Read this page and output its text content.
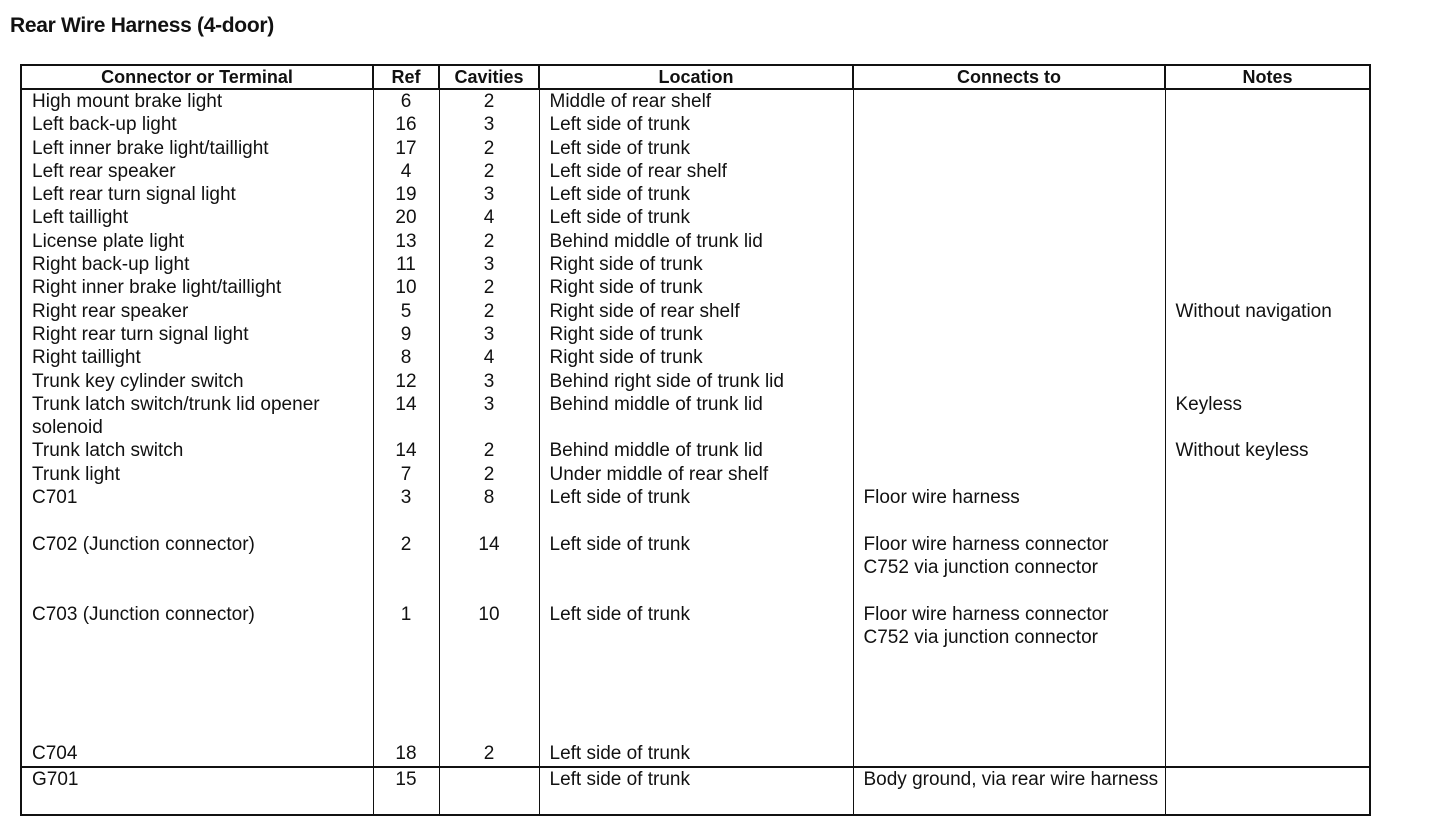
Rear Wire Harness (4-door)
Connector or Terminal	Ref	Cavities	Location	Connects to	Notes
High mount brake light	6	2	Middle of rear shelf		
Left back-up light	16	3	Left side of trunk		
Left inner brake light/taillight	17	2	Left side of trunk		
Left rear speaker	4	2	Left side of rear shelf		
Left rear turn signal light	19	3	Left side of trunk		
Left taillight	20	4	Left side of trunk		
License plate light	13	2	Behind middle of trunk lid		
Right back-up light	11	3	Right side of trunk		
Right inner brake light/taillight	10	2	Right side of trunk		
Right rear speaker	5	2	Right side of rear shelf		Without navigation
Right rear turn signal light	9	3	Right side of trunk		
Right taillight	8	4	Right side of trunk		
Trunk key cylinder switch	12	3	Behind right side of trunk lid		
Trunk latch switch/trunk lid opener solenoid	14	3	Behind middle of trunk lid		Keyless
Trunk latch switch	14	2	Behind middle of trunk lid		Without keyless
Trunk light	7	2	Under middle of rear shelf		
C701	3	8	Left side of trunk	Floor wire harness	
C702 (Junction connector)	2	14	Left side of trunk	Floor wire harness connector C752 via junction connector	
C703 (Junction connector)	1	10	Left side of trunk	Floor wire harness connector C752 via junction connector	
C704	18	2	Left side of trunk		
G701	15		Left side of trunk	Body ground, via rear wire harness	
